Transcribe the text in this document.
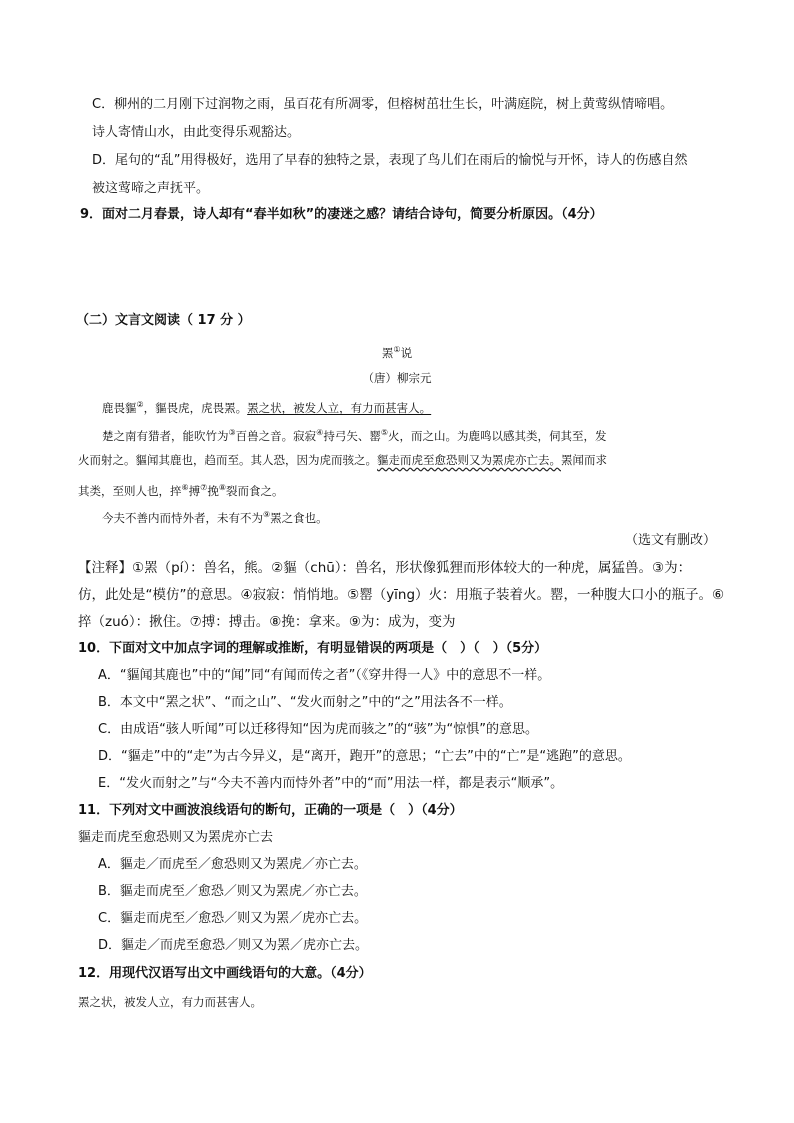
C．柳州的二月刚下过润物之雨，虽百花有所凋零，但榕树茁壮生长，叶满庭院，树上黄莺纵情啼唱。
诗人寄情山水，由此变得乐观豁达。
D．尾句的“乱”用得极好，选用了早春的独特之景，表现了鸟儿们在雨后的愉悦与开怀，诗人的伤感自然
被这莺啼之声抚平。
9．面对二月春景，诗人却有“春半如秋”的凄迷之感？请结合诗句，简要分析原因。（4分）
（二）文言文阅读（ 17 分 ）
罴①说
（唐）柳宗元
鹿畏貙②，貙畏虎，虎畏罴。罴之状，被发人立，有力而甚害人。
楚之南有猎者，能吹竹为③百兽之音。寂寂④持弓矢、罂⑤火，而之山。为鹿鸣以感其类，伺其至，发
火而射之。貙闻其鹿也，趋而至。其人恐，因为虎而骇之。貙走而虎至愈恐则又为罴虎亦亡去。罴闻而求
其类，至则人也，捽⑥搏⑦挽⑧裂而食之。
今夫不善内而恃外者，未有不为⑨罴之食也。
（选文有删改）
【注释】①罴（pí）：兽名，熊。②貙（chū）：兽名，形状像狐狸而形体较大的一种虎，属猛兽。③为：
仿，此处是“模仿”的意思。④寂寂：悄悄地。⑤罂（yīng）火：用瓶子装着火。罂，一种腹大口小的瓶子。⑥
捽（zuó）：揪住。⑦搏：搏击。⑧挽：拿来。⑨为：成为，变为
10．下面对文中加点字词的理解或推断，有明显错误的两项是（　）（　）（5分）
A．“貙闻其鹿也”中的“闻”同“有闻而传之者”（《穿井得一人》中的意思不一样。
B．本文中“罴之状”、“而之山”、“发火而射之”中的“之”用法各不一样。
C．由成语“骇人听闻”可以迁移得知“因为虎而骇之”的“骇”为“惊惧”的意思。
D．“貙走”中的“走”为古今异义，是“离开，跑开”的意思；“亡去”中的“亡”是“逃跑”的意思。
E．“发火而射之”与“今夫不善内而恃外者”中的“而”用法一样，都是表示“顺承”。
11．下列对文中画波浪线语句的断句，正确的一项是（　）（4分）
貙走而虎至愈恐则又为罴虎亦亡去
A．貙走／而虎至／愈恐则又为罴虎／亦亡去。
B．貙走而虎至／愈恐／则又为罴虎／亦亡去。
C．貙走而虎至／愈恐／则又为罴／虎亦亡去。
D．貙走／而虎至愈恐／则又为罴／虎亦亡去。
12．用现代汉语写出文中画线语句的大意。（4分）
罴之状，被发人立，有力而甚害人。
